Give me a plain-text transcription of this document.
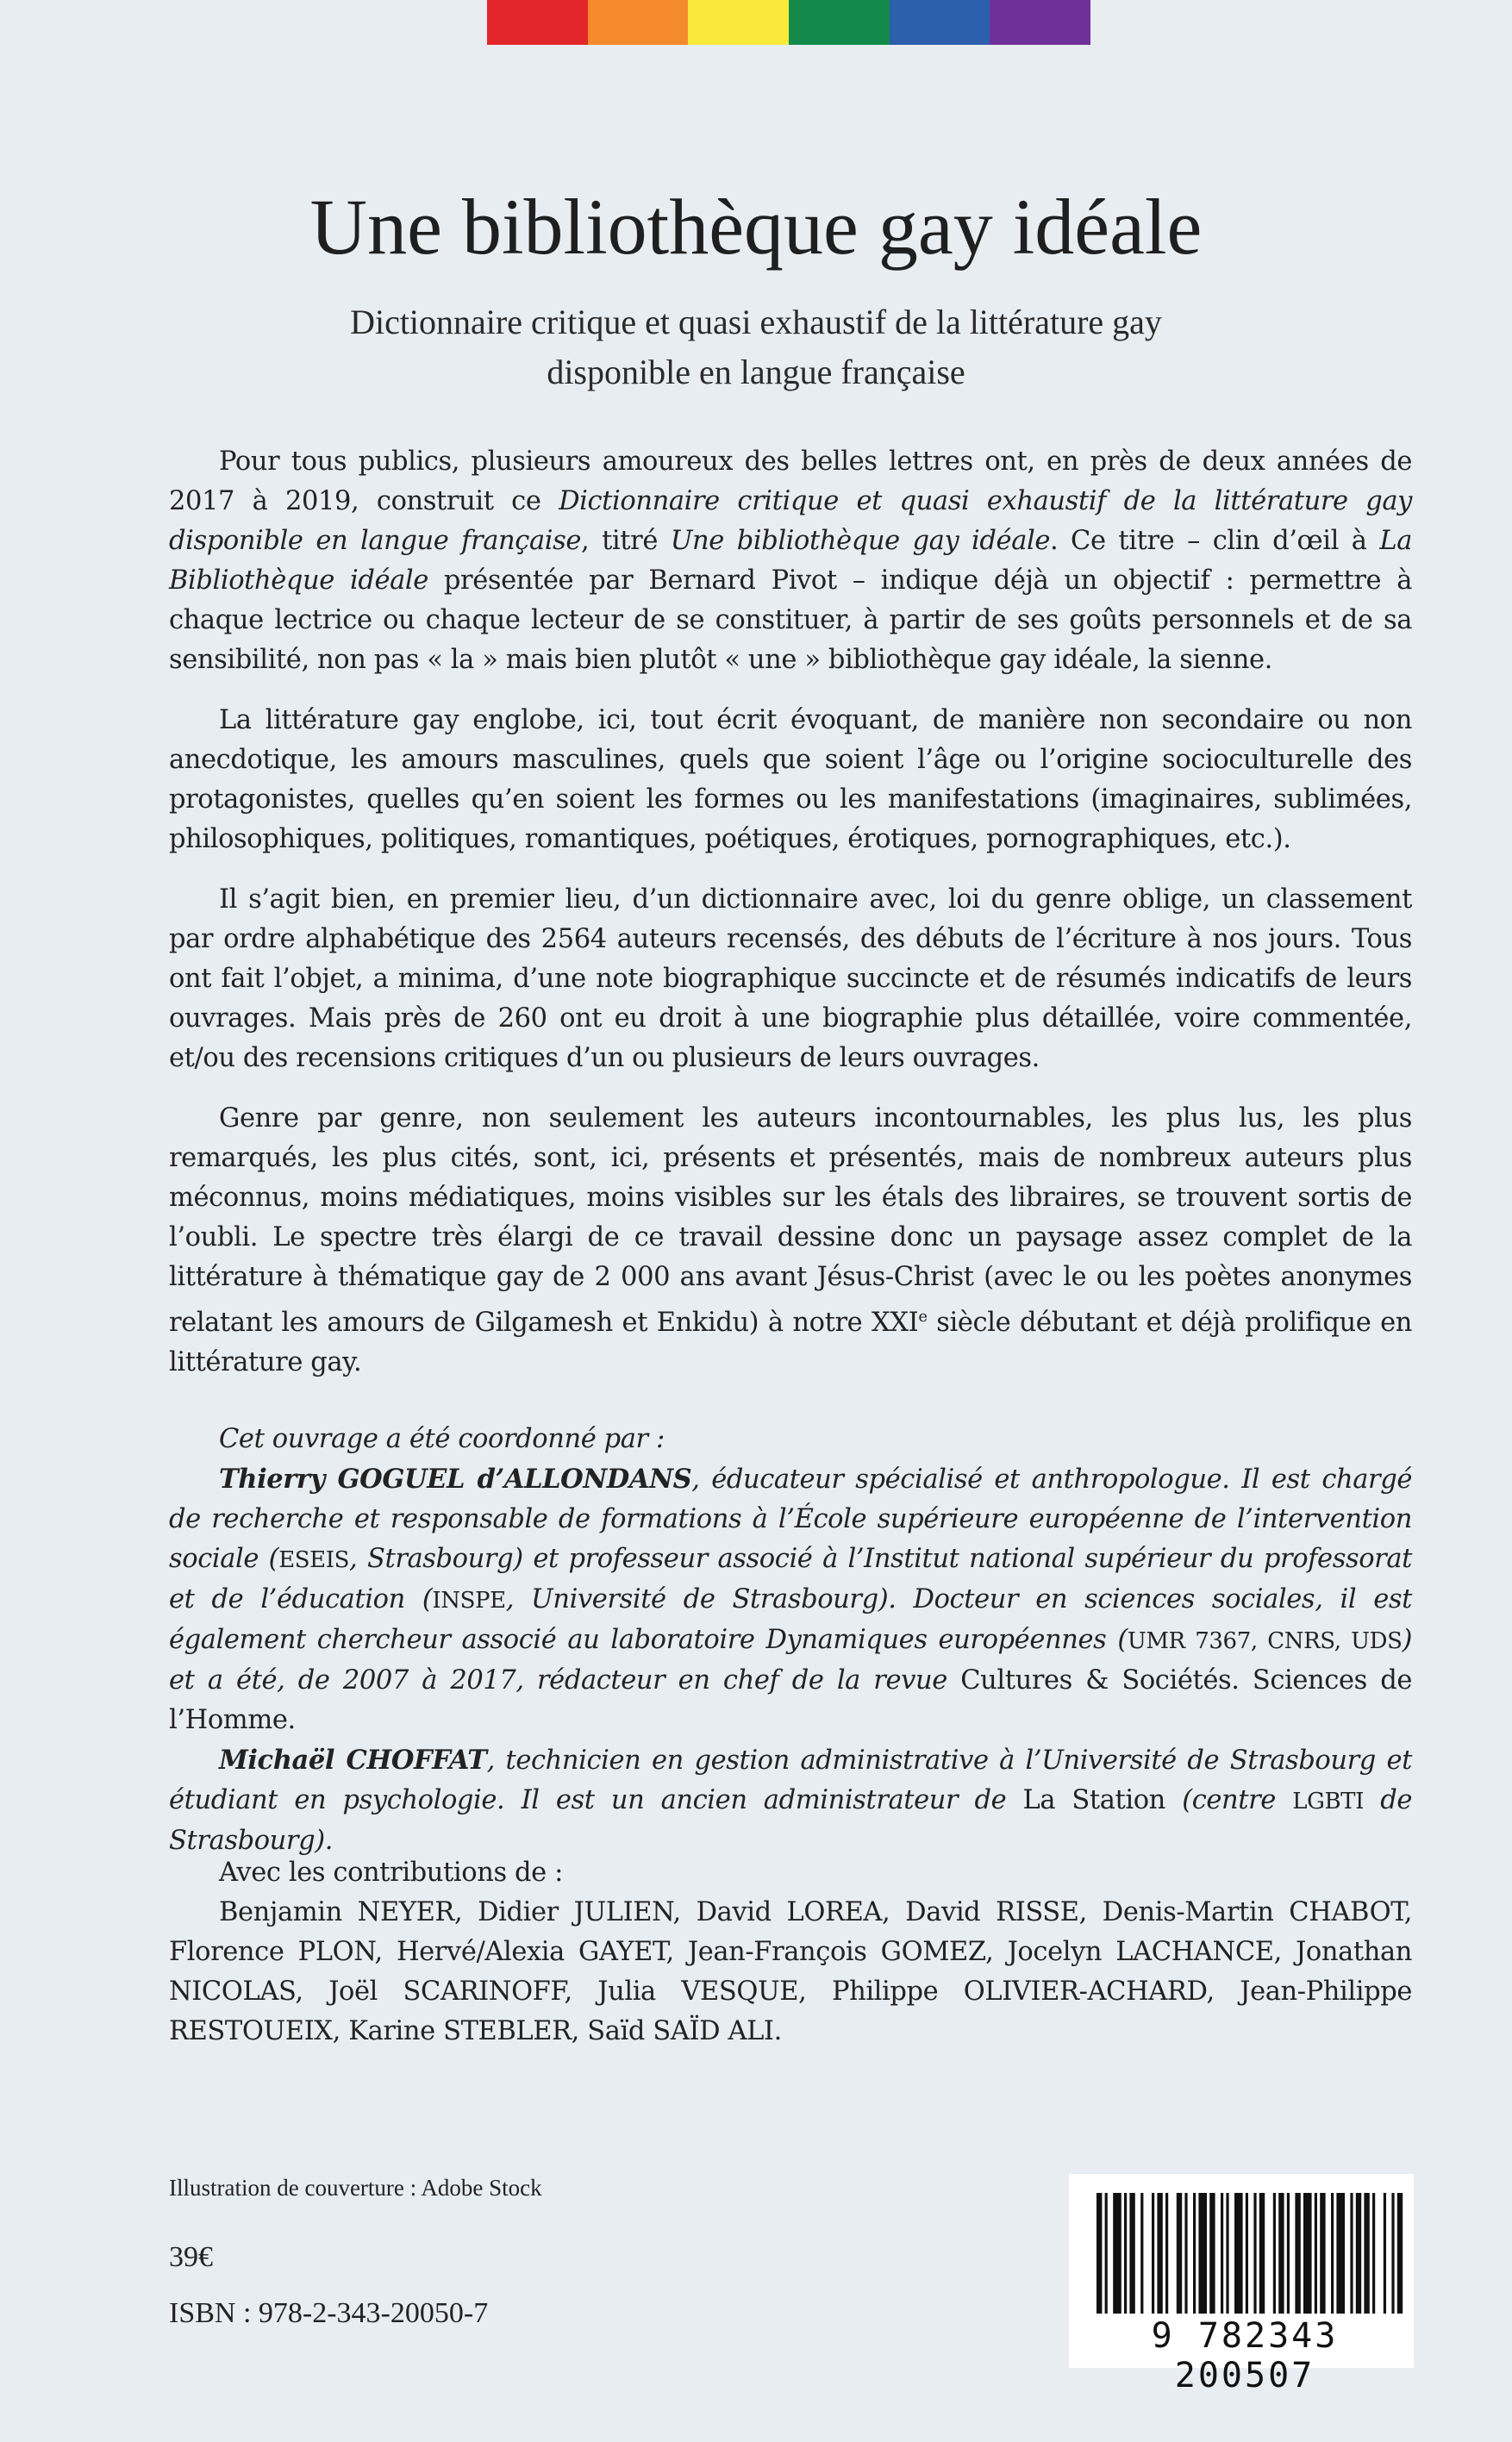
Une bibliothèque gay idéale
Dictionnaire critique et quasi exhaustif de la littérature gay
disponible en langue française

Pour tous publics, plusieurs amoureux des belles lettres ont, en près de deux années de 2017 à 2019, construit ce Dictionnaire critique et quasi exhaustif de la littérature gay disponible en langue française, titré Une bibliothèque gay idéale. Ce titre – clin d’œil à La Bibliothèque idéale présentée par Bernard Pivot – indique déjà un objectif : permettre à chaque lectrice ou chaque lecteur de se constituer, à partir de ses goûts personnels et de sa sensibilité, non pas « la » mais bien plutôt « une » bibliothèque gay idéale, la sienne.

La littérature gay englobe, ici, tout écrit évoquant, de manière non secondaire ou non anecdotique, les amours masculines, quels que soient l’âge ou l’origine socioculturelle des protagonistes, quelles qu’en soient les formes ou les manifestations (imaginaires, sublimées, philosophiques, politiques, romantiques, poétiques, érotiques, pornographiques, etc.).

Il s’agit bien, en premier lieu, d’un dictionnaire avec, loi du genre oblige, un classement par ordre alphabétique des 2564 auteurs recensés, des débuts de l’écriture à nos jours. Tous ont fait l’objet, a minima, d’une note biographique succincte et de résumés indicatifs de leurs ouvrages. Mais près de 260 ont eu droit à une biographie plus détaillée, voire commentée, et/ou des recensions critiques d’un ou plusieurs de leurs ouvrages.

Genre par genre, non seulement les auteurs incontournables, les plus lus, les plus remarqués, les plus cités, sont, ici, présents et présentés, mais de nombreux auteurs plus méconnus, moins médiatiques, moins visibles sur les étals des libraires, se trouvent sortis de l’oubli. Le spectre très élargi de ce travail dessine donc un paysage assez complet de la littérature à thématique gay de 2 000 ans avant Jésus-Christ (avec le ou les poètes anonymes relatant les amours de Gilgamesh et Enkidu) à notre XXIe siècle débutant et déjà prolifique en littérature gay.

Cet ouvrage a été coordonné par :

Thierry GOGUEL d’ALLONDANS, éducateur spécialisé et anthropologue. Il est chargé de recherche et responsable de formations à l’École supérieure européenne de l’intervention sociale (ESEIS, Strasbourg) et professeur associé à l’Institut national supérieur du professorat et de l’éducation (INSPE, Université de Strasbourg). Docteur en sciences sociales, il est également chercheur associé au laboratoire Dynamiques européennes (UMR 7367, CNRS, UDS) et a été, de 2007 à 2017, rédacteur en chef de la revue Cultures & Sociétés. Sciences de l’Homme.

Michaël CHOFFAT, technicien en gestion administrative à l’Université de Strasbourg et étudiant en psychologie. Il est un ancien administrateur de La Station (centre LGBTI de Strasbourg).

Avec les contributions de :

Benjamin NEYER, Didier JULIEN, David LOREA, David RISSE, Denis-Martin CHABOT, Florence PLON, Hervé/Alexia GAYET, Jean-François GOMEZ, Jocelyn LACHANCE, Jonathan NICOLAS, Joël SCARINOFF, Julia VESQUE, Philippe OLIVIER-ACHARD, Jean-Philippe RESTOUEIX, Karine STEBLER, Saïd SAÏD ALI.

Illustration de couverture : Adobe Stock
39€
ISBN : 978-2-343-20050-7
9 782343 200507
